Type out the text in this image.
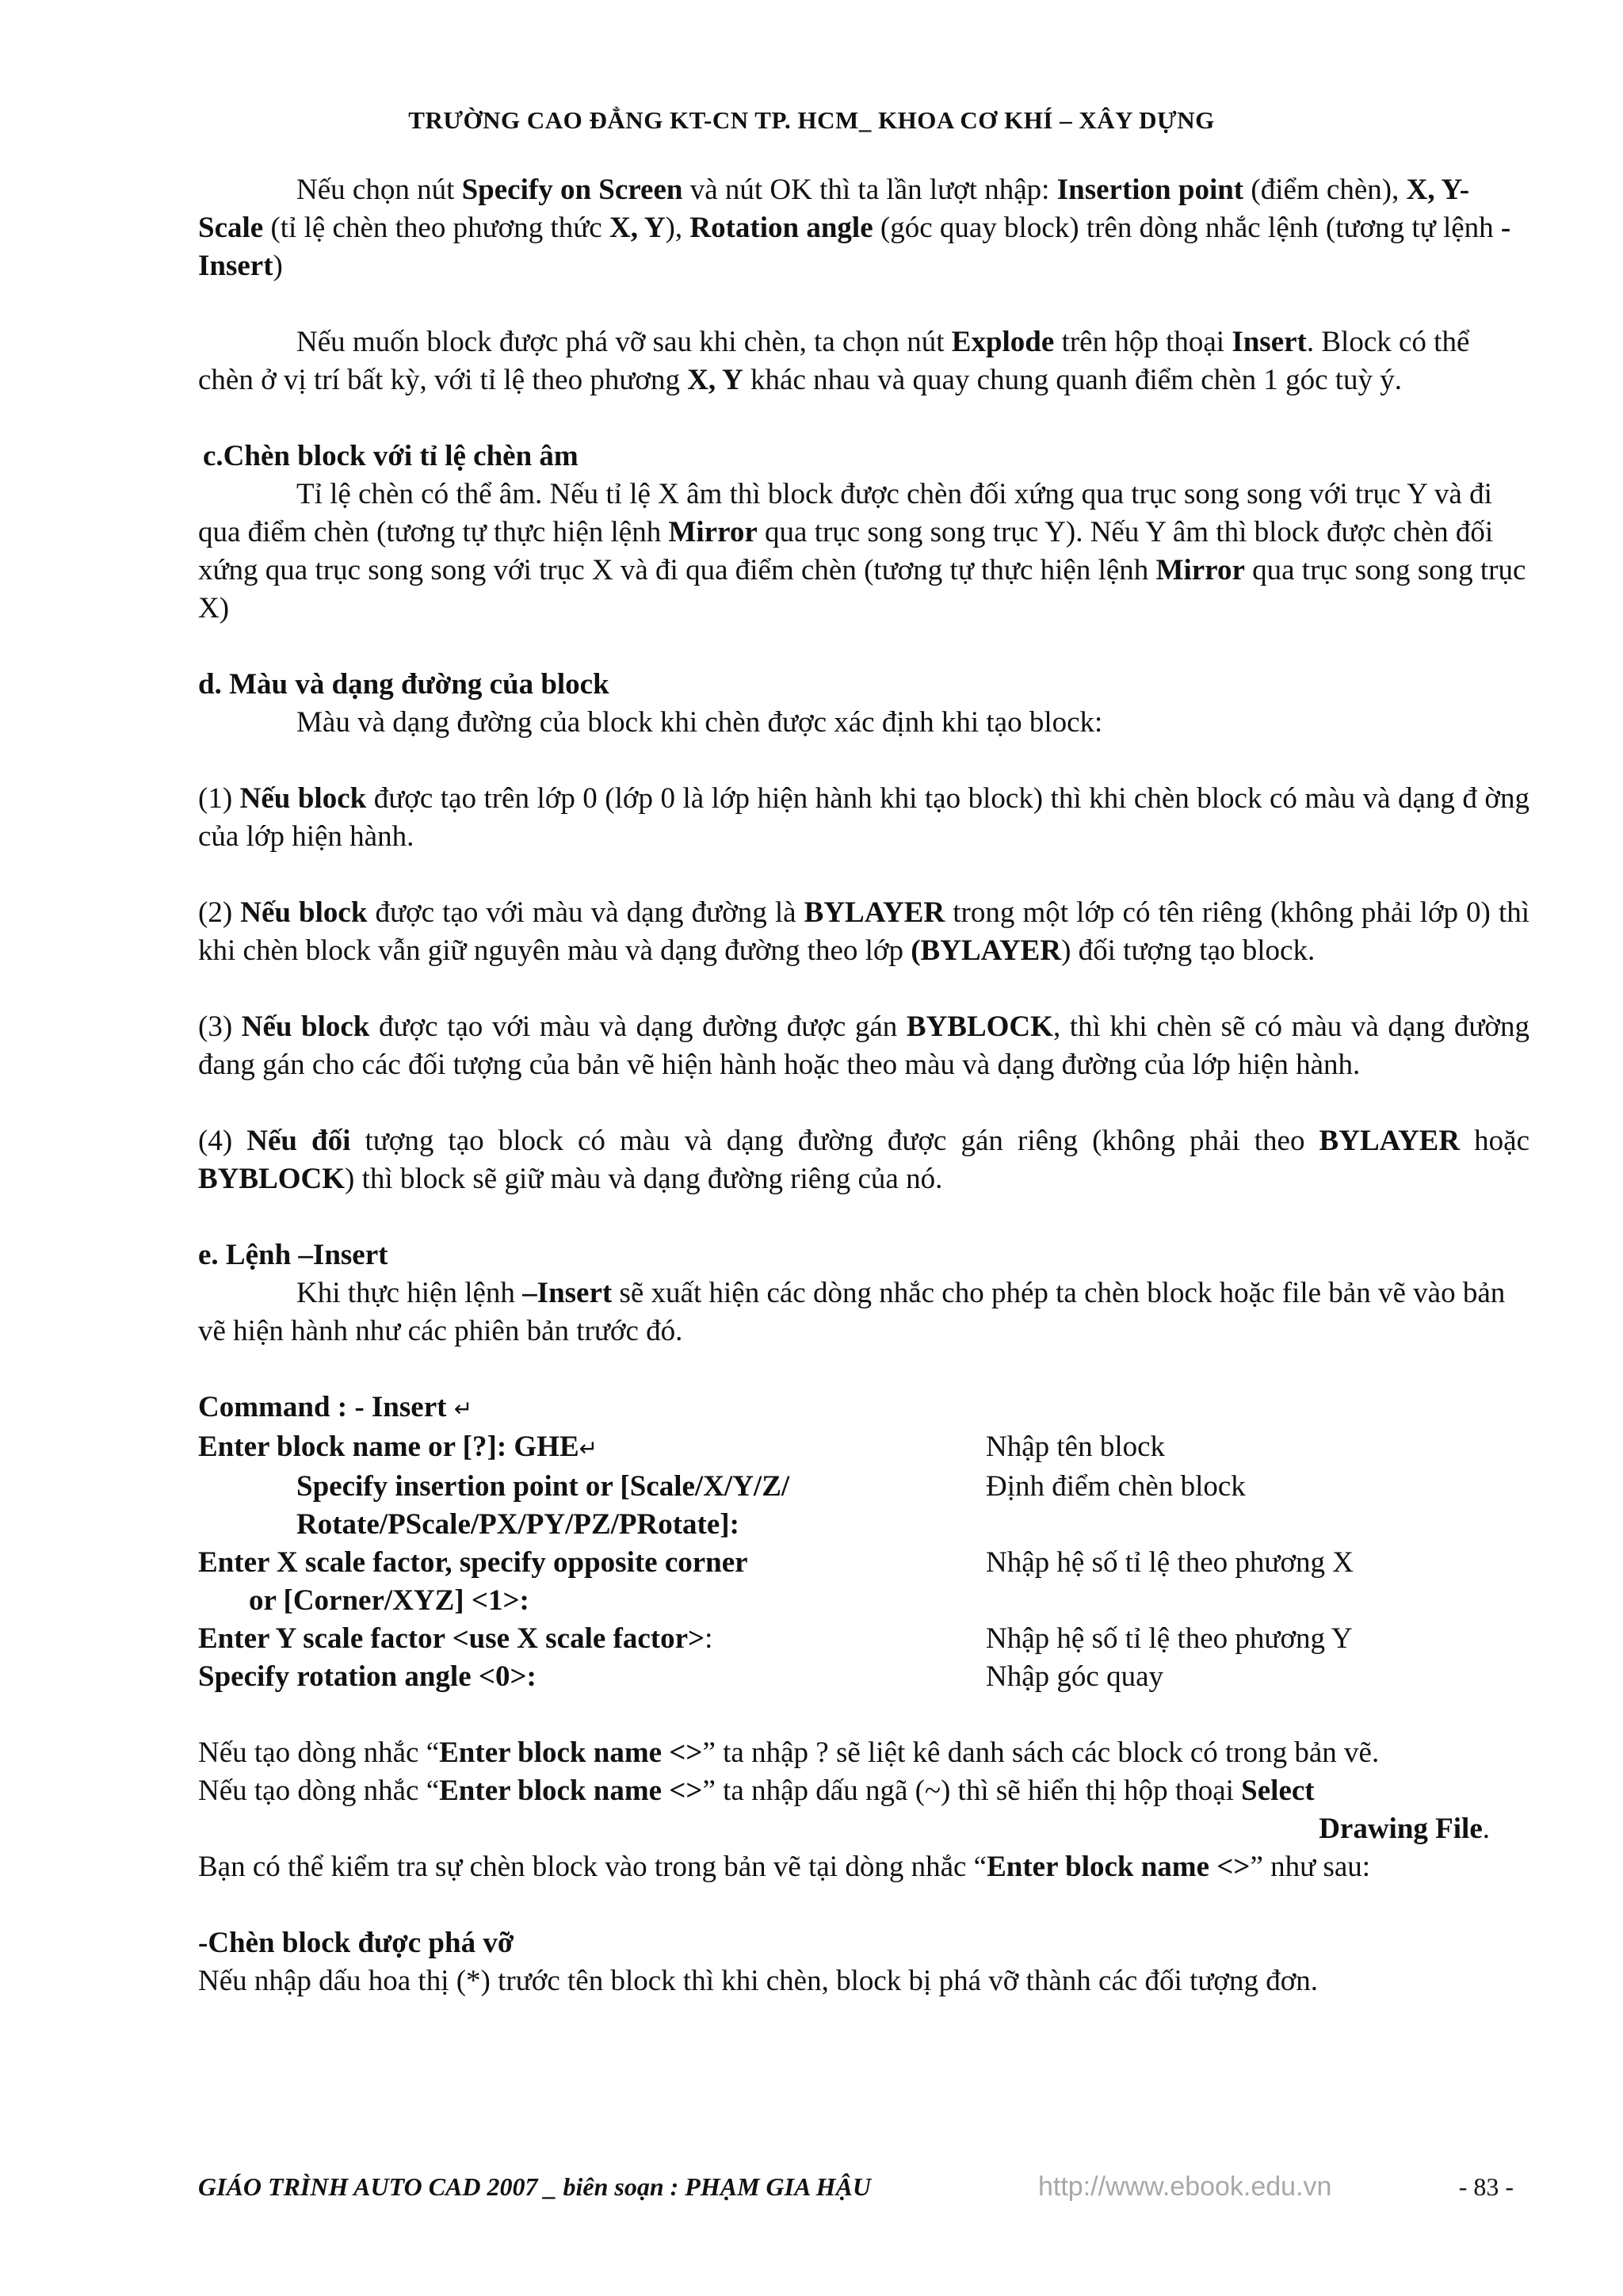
TRƯỜNG CAO ĐẲNG KT-CN TP. HCM_ KHOA CƠ KHÍ – XÂY DỰNG

Nếu chọn nút Specify on Screen và nút OK thì ta lần lượt nhập: Insertion point (điểm chèn), X, Y-Scale (tỉ lệ chèn theo phương thức X, Y), Rotation angle (góc quay block) trên dòng nhắc lệnh (tương tự lệnh -Insert)

Nếu muốn block được phá vỡ sau khi chèn, ta chọn nút Explode trên hộp thoại Insert. Block có thể chèn ở vị trí bất kỳ, với tỉ lệ theo phương X, Y khác nhau và quay chung quanh điểm chèn 1 góc tuỳ ý.

c.Chèn block với tỉ lệ chèn âm

Tỉ lệ chèn có thể âm. Nếu tỉ lệ X âm thì block được chèn đối xứng qua trục song song với trục Y và đi qua điểm chèn (tương tự thực hiện lệnh Mirror qua trục song song trục Y). Nếu Y âm thì block được chèn đối xứng qua trục song song với trục X và đi qua điểm chèn (tương tự thực hiện lệnh Mirror qua trục song song trục X)

d. Màu và dạng đường của block

Màu và dạng đường của block khi chèn được xác định khi tạo block:

(1) Nếu block được tạo trên lớp 0 (lớp 0 là lớp hiện hành khi tạo block) thì khi chèn block có màu và dạng đ ờng của lớp hiện hành.

(2) Nếu block được tạo với màu và dạng đường là BYLAYER trong một lớp có tên riêng (không phải lớp 0) thì khi chèn block vẫn giữ nguyên màu và dạng đường theo lớp (BYLAYER) đối tượng tạo block.

(3) Nếu block được tạo với màu và dạng đường được gán BYBLOCK, thì khi chèn sẽ có màu và dạng đường đang gán cho các đối tượng của bản vẽ hiện hành hoặc theo màu và dạng đường của lớp hiện hành.

(4) Nếu đối tượng tạo block có màu và dạng đường được gán riêng (không phải theo BYLAYER hoặc BYBLOCK) thì block sẽ giữ màu và dạng đường riêng của nó.

e. Lệnh –Insert

Khi thực hiện lệnh –Insert sẽ xuất hiện các dòng nhắc cho phép ta chèn block hoặc file bản vẽ vào bản vẽ hiện hành như các phiên bản trước đó.

Command : - Insert ↵

Enter block name or [?]: GHE↵	Nhập tên block
Specify insertion point or [Scale/X/Y/Z/	Định điểm chèn block
Rotate/PScale/PX/PY/PZ/PRotate]:	
Enter X scale factor, specify opposite corner	Nhập hệ số tỉ lệ theo phương X
or [Corner/XYZ] <1>:	
Enter Y scale factor <use X scale factor>:	Nhập hệ số tỉ lệ theo phương Y
Specify rotation angle <0>:	Nhập góc quay

Nếu tạo dòng nhắc “Enter block name <>” ta nhập ? sẽ liệt kê danh sách các block có trong bản vẽ.

Nếu tạo dòng nhắc “Enter block name <>” ta nhập dấu ngã (~) thì sẽ hiển thị hộp thoại Select

Drawing File.

Bạn có thể kiểm tra sự chèn block vào trong bản vẽ tại dòng nhắc “Enter block name <>” như sau:

-Chèn block được phá vỡ

Nếu nhập dấu hoa thị (*) trước tên block thì khi chèn, block bị phá vỡ thành các đối tượng đơn.

GIÁO TRÌNH AUTO CAD 2007 _ biên soạn : PHẠM GIA HẬU	http://www.ebook.edu.vn	- 83 -
